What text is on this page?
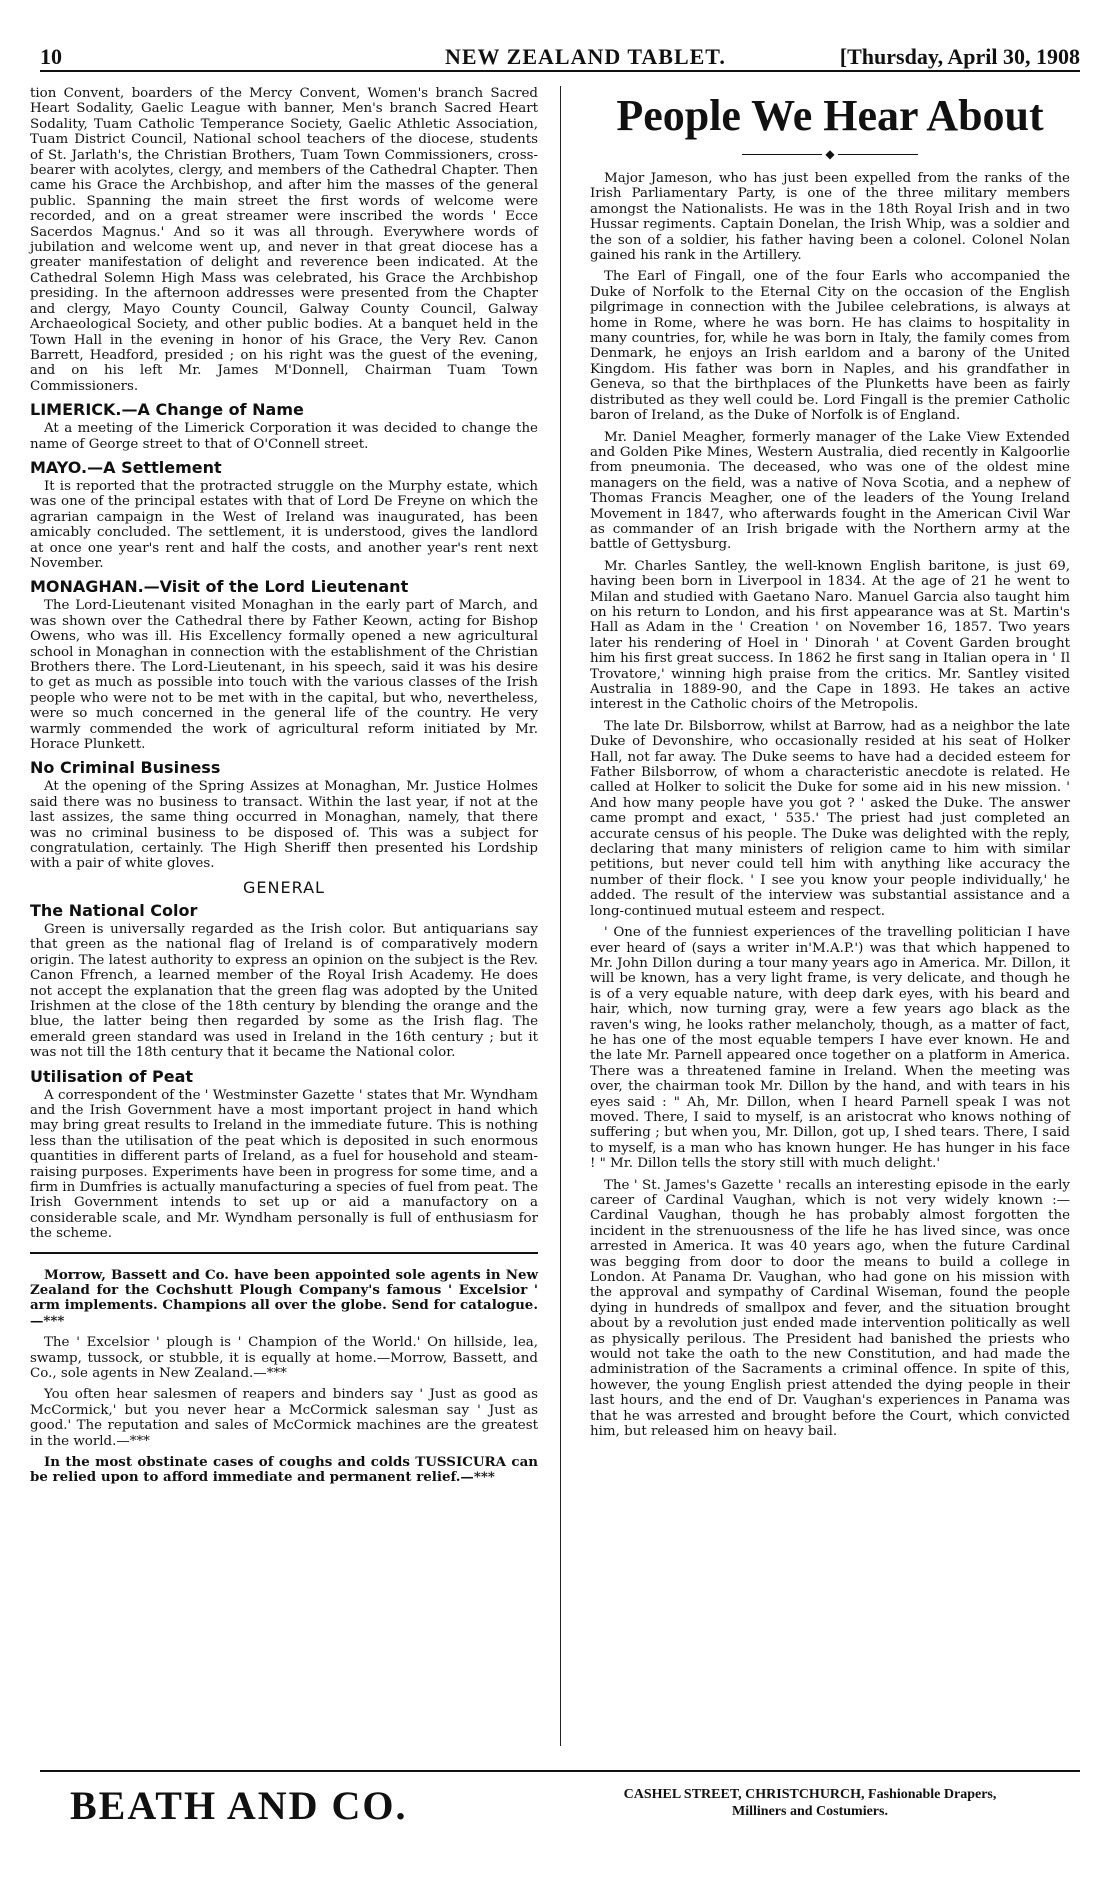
10	NEW ZEALAND TABLET.	[Thursday, April 30, 1908

tion Convent, boarders of the Mercy Convent, Women's branch Sacred Heart Sodality, Gaelic League with banner, Men's branch Sacred Heart Sodality, Tuam Catholic Temperance Society, Gaelic Athletic Association, Tuam District Council, National school teachers of the diocese, students of St. Jarlath's, the Christian Brothers, Tuam Town Commissioners, cross-bearer with acolytes, clergy, and members of the Cathedral Chapter. Then came his Grace the Archbishop, and after him the masses of the general public. Spanning the main street the first words of welcome were recorded, and on a great streamer were inscribed the words ' Ecce Sacerdos Magnus.' And so it was all through. Everywhere words of jubilation and welcome went up, and never in that great diocese has a greater manifestation of delight and reverence been indicated. At the Cathedral Solemn High Mass was celebrated, his Grace the Archbishop presiding. In the afternoon addresses were presented from the Chapter and clergy, Mayo County Council, Galway County Council, Galway Archaeological Society, and other public bodies. At a banquet held in the Town Hall in the evening in honor of his Grace, the Very Rev. Canon Barrett, Headford, presided ; on his right was the guest of the evening, and on his left Mr. James M'Donnell, Chairman Tuam Town Commissioners.

LIMERICK.—A Change of Name

At a meeting of the Limerick Corporation it was decided to change the name of George street to that of O'Connell street.

MAYO.—A Settlement

It is reported that the protracted struggle on the Murphy estate, which was one of the principal estates with that of Lord De Freyne on which the agrarian campaign in the West of Ireland was inaugurated, has been amicably concluded. The settlement, it is understood, gives the landlord at once one year's rent and half the costs, and another year's rent next November.

MONAGHAN.—Visit of the Lord Lieutenant

The Lord-Lieutenant visited Monaghan in the early part of March, and was shown over the Cathedral there by Father Keown, acting for Bishop Owens, who was ill. His Excellency formally opened a new agricultural school in Monaghan in connection with the establishment of the Christian Brothers there. The Lord-Lieutenant, in his speech, said it was his desire to get as much as possible into touch with the various classes of the Irish people who were not to be met with in the capital, but who, nevertheless, were so much concerned in the general life of the country. He very warmly commended the work of agricultural reform initiated by Mr. Horace Plunkett.

No Criminal Business

At the opening of the Spring Assizes at Monaghan, Mr. Justice Holmes said there was no business to transact. Within the last year, if not at the last assizes, the same thing occurred in Monaghan, namely, that there was no criminal business to be disposed of. This was a subject for congratulation, certainly. The High Sheriff then presented his Lordship with a pair of white gloves.

GENERAL
The National Color

Green is universally regarded as the Irish color. But antiquarians say that green as the national flag of Ireland is of comparatively modern origin. The latest authority to express an opinion on the subject is the Rev. Canon Ffrench, a learned member of the Royal Irish Academy. He does not accept the explanation that the green flag was adopted by the United Irishmen at the close of the 18th century by blending the orange and the blue, the latter being then regarded by some as the Irish flag. The emerald green standard was used in Ireland in the 16th century ; but it was not till the 18th century that it became the National color.

Utilisation of Peat

A correspondent of the ' Westminster Gazette ' states that Mr. Wyndham and the Irish Government have a most important project in hand which may bring great results to Ireland in the immediate future. This is nothing less than the utilisation of the peat which is deposited in such enormous quantities in different parts of Ireland, as a fuel for household and steam-raising purposes. Experiments have been in progress for some time, and a firm in Dumfries is actually manufacturing a species of fuel from peat. The Irish Government intends to set up or aid a manufactory on a considerable scale, and Mr. Wyndham personally is full of enthusiasm for the scheme.

Morrow, Bassett and Co. have been appointed sole agents in New Zealand for the Cochshutt Plough Company's famous ' Excelsior ' arm implements. Champions all over the globe. Send for catalogue.—***

The ' Excelsior ' plough is ' Champion of the World.' On hillside, lea, swamp, tussock, or stubble, it is equally at home.—Morrow, Bassett, and Co., sole agents in New Zealand.—***

You often hear salesmen of reapers and binders say ' Just as good as McCormick,' but you never hear a McCormick salesman say ' Just as good.' The reputation and sales of McCormick machines are the greatest in the world.—***

In the most obstinate cases of coughs and colds TUSSICURA can be relied upon to afford immediate and permanent relief.—***

People We Hear About
◆

Major Jameson, who has just been expelled from the ranks of the Irish Parliamentary Party, is one of the three military members amongst the Nationalists. He was in the 18th Royal Irish and in two Hussar regiments. Captain Donelan, the Irish Whip, was a soldier and the son of a soldier, his father having been a colonel. Colonel Nolan gained his rank in the Artillery.

The Earl of Fingall, one of the four Earls who accompanied the Duke of Norfolk to the Eternal City on the occasion of the English pilgrimage in connection with the Jubilee celebrations, is always at home in Rome, where he was born. He has claims to hospitality in many countries, for, while he was born in Italy, the family comes from Denmark, he enjoys an Irish earldom and a barony of the United Kingdom. His father was born in Naples, and his grandfather in Geneva, so that the birthplaces of the Plunketts have been as fairly distributed as they well could be. Lord Fingall is the premier Catholic baron of Ireland, as the Duke of Norfolk is of England.

Mr. Daniel Meagher, formerly manager of the Lake View Extended and Golden Pike Mines, Western Australia, died recently in Kalgoorlie from pneumonia. The deceased, who was one of the oldest mine managers on the field, was a native of Nova Scotia, and a nephew of Thomas Francis Meagher, one of the leaders of the Young Ireland Movement in 1847, who afterwards fought in the American Civil War as commander of an Irish brigade with the Northern army at the battle of Gettysburg.

Mr. Charles Santley, the well-known English baritone, is just 69, having been born in Liverpool in 1834. At the age of 21 he went to Milan and studied with Gaetano Naro. Manuel Garcia also taught him on his return to London, and his first appearance was at St. Martin's Hall as Adam in the ' Creation ' on November 16, 1857. Two years later his rendering of Hoel in ' Dinorah ' at Covent Garden brought him his first great success. In 1862 he first sang in Italian opera in ' Il Trovatore,' winning high praise from the critics. Mr. Santley visited Australia in 1889-90, and the Cape in 1893. He takes an active interest in the Catholic choirs of the Metropolis.

The late Dr. Bilsborrow, whilst at Barrow, had as a neighbor the late Duke of Devonshire, who occasionally resided at his seat of Holker Hall, not far away. The Duke seems to have had a decided esteem for Father Bilsborrow, of whom a characteristic anecdote is related. He called at Holker to solicit the Duke for some aid in his new mission. ' And how many people have you got ? ' asked the Duke. The answer came prompt and exact, ' 535.' The priest had just completed an accurate census of his people. The Duke was delighted with the reply, declaring that many ministers of religion came to him with similar petitions, but never could tell him with anything like accuracy the number of their flock. ' I see you know your people individually,' he added. The result of the interview was substantial assistance and a long-continued mutual esteem and respect.

' One of the funniest experiences of the travelling politician I have ever heard of (says a writer in'M.A.P.') was that which happened to Mr. John Dillon during a tour many years ago in America. Mr. Dillon, it will be known, has a very light frame, is very delicate, and though he is of a very equable nature, with deep dark eyes, with his beard and hair, which, now turning gray, were a few years ago black as the raven's wing, he looks rather melancholy, though, as a matter of fact, he has one of the most equable tempers I have ever known. He and the late Mr. Parnell appeared once together on a platform in America. There was a threatened famine in Ireland. When the meeting was over, the chairman took Mr. Dillon by the hand, and with tears in his eyes said : " Ah, Mr. Dillon, when I heard Parnell speak I was not moved. There, I said to myself, is an aristocrat who knows nothing of suffering ; but when you, Mr. Dillon, got up, I shed tears. There, I said to myself, is a man who has known hunger. He has hunger in his face ! " Mr. Dillon tells the story still with much delight.'

The ' St. James's Gazette ' recalls an interesting episode in the early career of Cardinal Vaughan, which is not very widely known :—Cardinal Vaughan, though he has probably almost forgotten the incident in the strenuousness of the life he has lived since, was once arrested in America. It was 40 years ago, when the future Cardinal was begging from door to door the means to build a college in London. At Panama Dr. Vaughan, who had gone on his mission with the approval and sympathy of Cardinal Wiseman, found the people dying in hundreds of smallpox and fever, and the situation brought about by a revolution just ended made intervention politically as well as physically perilous. The President had banished the priests who would not take the oath to the new Constitution, and had made the administration of the Sacraments a criminal offence. In spite of this, however, the young English priest attended the dying people in their last hours, and the end of Dr. Vaughan's experiences in Panama was that he was arrested and brought before the Court, which convicted him, but released him on heavy bail.

BEATH AND CO.	CASHEL STREET, CHRISTCHURCH, Fashionable Drapers,
Milliners and Costumiers.
